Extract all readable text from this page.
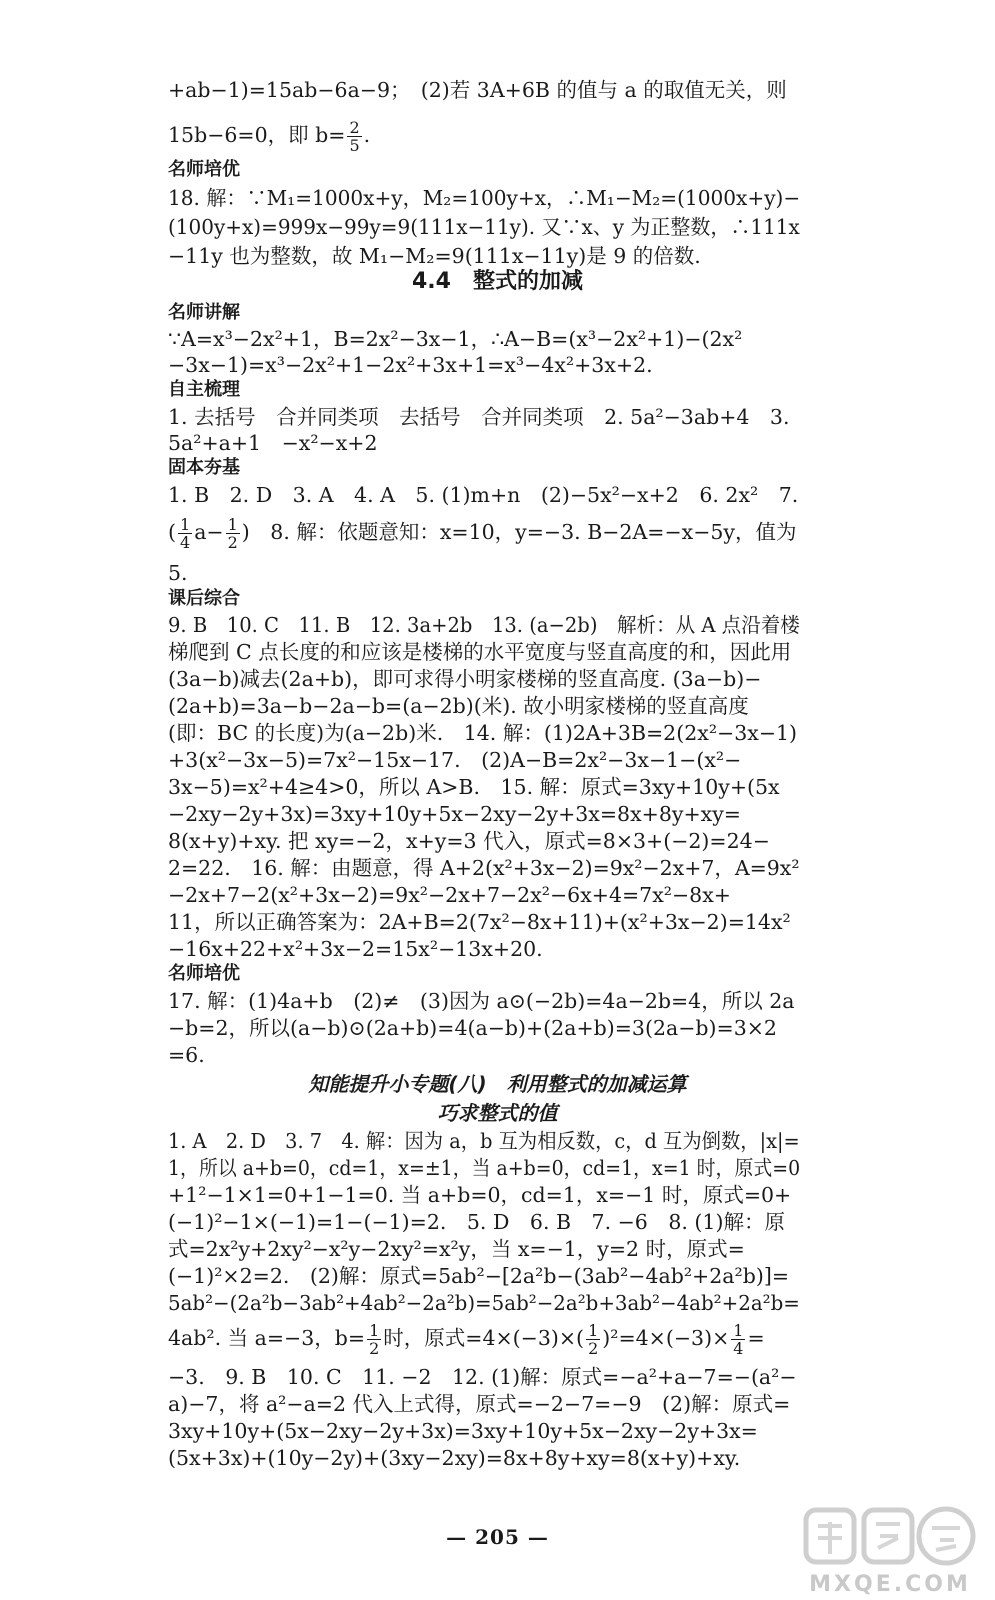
+ab−1)=15ab−6a−9；　(2)若 3A+6B 的值与 a 的取值无关，则
15b−6=0，即 $b= \frac{2}{5}$ .
名师培优
18. 解：∵M₁=1000x+y，M₂=100y+x，∴M₁−M₂=(1000x+y)−
(100y+x)=999x−99y=9(111x−11y). 又∵x、y 为正整数，∴111x
−11y 也为整数，故 M₁−M₂=9(111x−11y)是 9 的倍数.
4.4　整式的加减
名师讲解
∵A=x³−2x²+1，B=2x²−3x−1，∴A−B=(x³−2x²+1)−(2x²
−3x−1)=x³−2x²+1−2x²+3x+1=x³−4x²+3x+2.
自主梳理
1. 去括号　合并同类项　去括号　合并同类项　2. 5a²−3ab+4　3.
5a²+a+1　−x²−x+2
固本夯基
1. B　2. D　3. A　4. A　5. (1)m+n　(2)−5x²−x+2　6. 2x²　7.
( $\frac{1}{4} a- \frac{1}{2}$ )　8. 解：依题意知：x=10，y=−3. B−2A=−x−5y，值为
5.
课后综合
9. B　10. C　11. B　12. 3a+2b　13. (a−2b)　解析：从 A 点沿着楼
梯爬到 C 点长度的和应该是楼梯的水平宽度与竖直高度的和，因此用
(3a−b)减去(2a+b)，即可求得小明家楼梯的竖直高度. (3a−b)−
(2a+b)=3a−b−2a−b=(a−2b)(米). 故小明家楼梯的竖直高度
(即：BC 的长度)为(a−2b)米.　14. 解：(1)2A+3B=2(2x²−3x−1)
+3(x²−3x−5)=7x²−15x−17.　(2)A−B=2x²−3x−1−(x²−
3x−5)=x²+4≥4>0，所以 A>B.　15. 解：原式=3xy+10y+(5x
−2xy−2y+3x)=3xy+10y+5x−2xy−2y+3x=8x+8y+xy=
8(x+y)+xy. 把 xy=−2，x+y=3 代入，原式=8×3+(−2)=24−
2=22.　16. 解：由题意，得 A+2(x²+3x−2)=9x²−2x+7，A=9x²
−2x+7−2(x²+3x−2)=9x²−2x+7−2x²−6x+4=7x²−8x+
11，所以正确答案为：2A+B=2(7x²−8x+11)+(x²+3x−2)=14x²
−16x+22+x²+3x−2=15x²−13x+20.
名师培优
17. 解：(1)4a+b　(2)≠　(3)因为 a⊙(−2b)=4a−2b=4，所以 2a
−b=2，所以(a−b)⊙(2a+b)=4(a−b)+(2a+b)=3(2a−b)=3×2
=6.
知能提升小专题(八)　利用整式的加减运算
巧求整式的值
1. A　2. D　3. 7　4. 解：因为 a，b 互为相反数，c，d 互为倒数，|x|=
1，所以 a+b=0，cd=1，x=±1，当 a+b=0，cd=1，x=1 时，原式=0
+1²−1×1=0+1−1=0. 当 a+b=0，cd=1，x=−1 时，原式=0+
(−1)²−1×(−1)=1−(−1)=2.　5. D　6. B　7. −6　8. (1)解：原
式=2x²y+2xy²−x²y−2xy²=x²y，当 x=−1，y=2 时，原式=
(−1)²×2=2.　(2)解：原式=5ab²−[2a²b−(3ab²−4ab²+2a²b)]=
5ab²−(2a²b−3ab²+4ab²−2a²b)=5ab²−2a²b+3ab²−4ab²+2a²b=
4ab². 当 a=−3，$b= \frac{1}{2}$ 时，原式$=4\times(-3)\times( \frac{1}{2} )^2=4\times(-3)\times \frac{1}{4}$ =
−3.　9. B　10. C　11. −2　12. (1)解：原式=−a²+a−7=−(a²−
a)−7，将 a²−a=2 代入上式得，原式=−2−7=−9　(2)解：原式=
3xy+10y+(5x−2xy−2y+3x)=3xy+10y+5x−2xy−2y+3x=
(5x+3x)+(10y−2y)+(3xy−2xy)=8x+8y+xy=8(x+y)+xy.
— 205 —
MXQE.COM
